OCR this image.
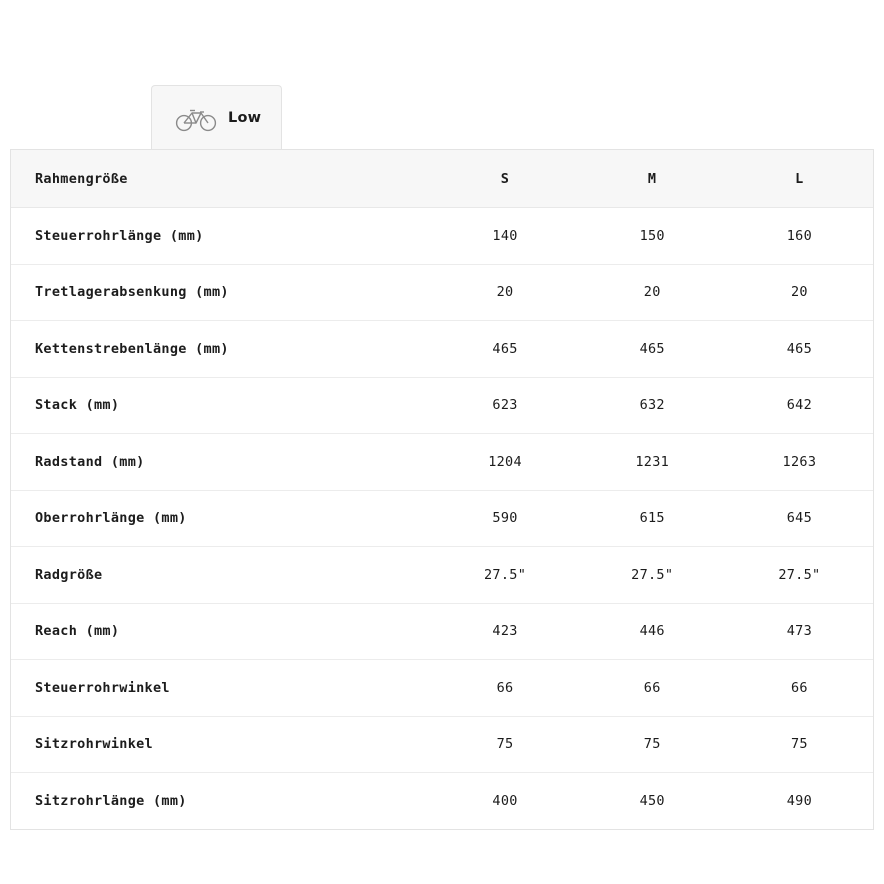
Low
Rahmengröße	S	M	L
Steuerrohrlänge (mm)	140	150	160
Tretlagerabsenkung (mm)	20	20	20
Kettenstrebenlänge (mm)	465	465	465
Stack (mm)	623	632	642
Radstand (mm)	1204	1231	1263
Oberrohrlänge (mm)	590	615	645
Radgröße	27.5"	27.5"	27.5"
Reach (mm)	423	446	473
Steuerrohrwinkel	66	66	66
Sitzrohrwinkel	75	75	75
Sitzrohrlänge (mm)	400	450	490
